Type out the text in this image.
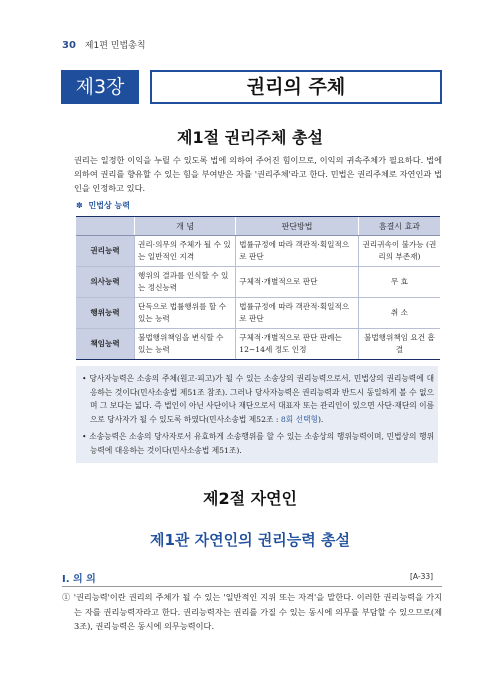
30 제1편 민법총칙
제3장	권리의 주체
제1절 권리주체 총설
권리는 일정한 이익을 누릴 수 있도록 법에 의하여 주어진 힘이므로, 이익의 귀속주체가 필요하다. 법에 의하여 권리를 향유할 수 있는 힘을 부여받은 자를 '권리주체'라고 한다. 민법은 권리주체로 자연인과 법인을 인정하고 있다.
✽ 민법상 능력
	개 념	판단방법	흠결시 효과
권리능력	권리·의무의 주체가 될 수 있는 일반적인 지격	법률규정에 따라 객관적·획일적으로 판단	권리귀속이 불가능 (권리의 부존재)
의사능력	행위의 결과를 인식할 수 있는 정신능력	구체적·개별적으로 판단	무 효
행위능력	단독으로 법률행위를 할 수 있는 능력	법률규정에 따라 객관적·획일적으로 판단	취 소
책임능력	불법행위책임을 변식할 수 있는 능력	구체적·개별적으로 판단 판례는 12~14세 정도 인정	불법행위책임 요건 흠결
• 당사자능력은 소송의 주체(원고·피고)가 될 수 있는 소송상의 권리능력으로서, 민법상의 권리능력에 대응하는 것이다(민사소송법 제51조 참조). 그러나 당사자능력은 권리능력과 반드시 동일하게 볼 수 없으며 그 보다는 넓다. 즉 법인이 아닌 사단이나 재단으로서 대표자 또는 관리인이 있으면 사단·재단의 이름으로 당사자가 될 수 있도록 하였다(민사소송법 제52조 : 8회 선택형).
• 소송능력은 소송의 당사자로서 유효하게 소송행위를 할 수 있는 소송상의 행위능력이며, 민법상의 행위능력에 대응하는 것이다(민사소송법 제51조).
제2절 자연인
제1관 자연인의 권리능력 총설
Ⅰ. 의 의	[A-33]
① '권리능력'이란 권리의 주체가 될 수 있는 '일반적인 지위 또는 자격'을 말한다. 이러한 권리능력을 가지는 자를 권리능력자라고 한다. 권리능력자는 권리를 가질 수 있는 동시에 의무를 부담할 수 있으므로(제3조), 권리능력은 동시에 의무능력이다.
